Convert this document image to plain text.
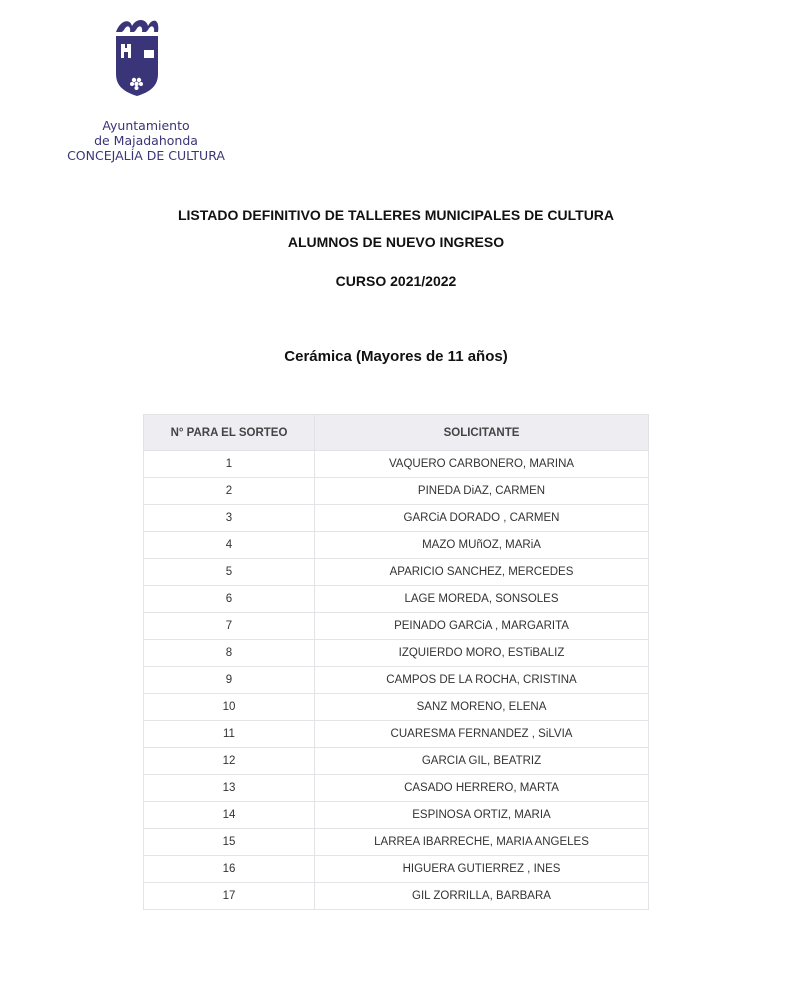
Ayuntamiento
de Majadahonda
CONCEJALÍA DE CULTURA
LISTADO DEFINITIVO DE TALLERES MUNICIPALES DE CULTURA
ALUMNOS DE NUEVO INGRESO
CURSO 2021/2022
Cerámica (Mayores de 11 años)
N° PARA EL SORTEO	SOLICITANTE
1	VAQUERO CARBONERO, MARINA
2	PINEDA DiAZ, CARMEN
3	GARCiA DORADO , CARMEN
4	MAZO MUñOZ, MARiA
5	APARICIO SANCHEZ, MERCEDES
6	LAGE MOREDA, SONSOLES
7	PEINADO GARCiA , MARGARITA
8	IZQUIERDO MORO, ESTiBALIZ
9	CAMPOS DE LA ROCHA, CRISTINA
10	SANZ MORENO, ELENA
11	CUARESMA FERNANDEZ , SiLVIA
12	GARCIA GIL, BEATRIZ
13	CASADO HERRERO, MARTA
14	ESPINOSA ORTIZ, MARIA
15	LARREA IBARRECHE, MARIA ANGELES
16	HIGUERA GUTIERREZ , INES
17	GIL ZORRILLA, BARBARA
